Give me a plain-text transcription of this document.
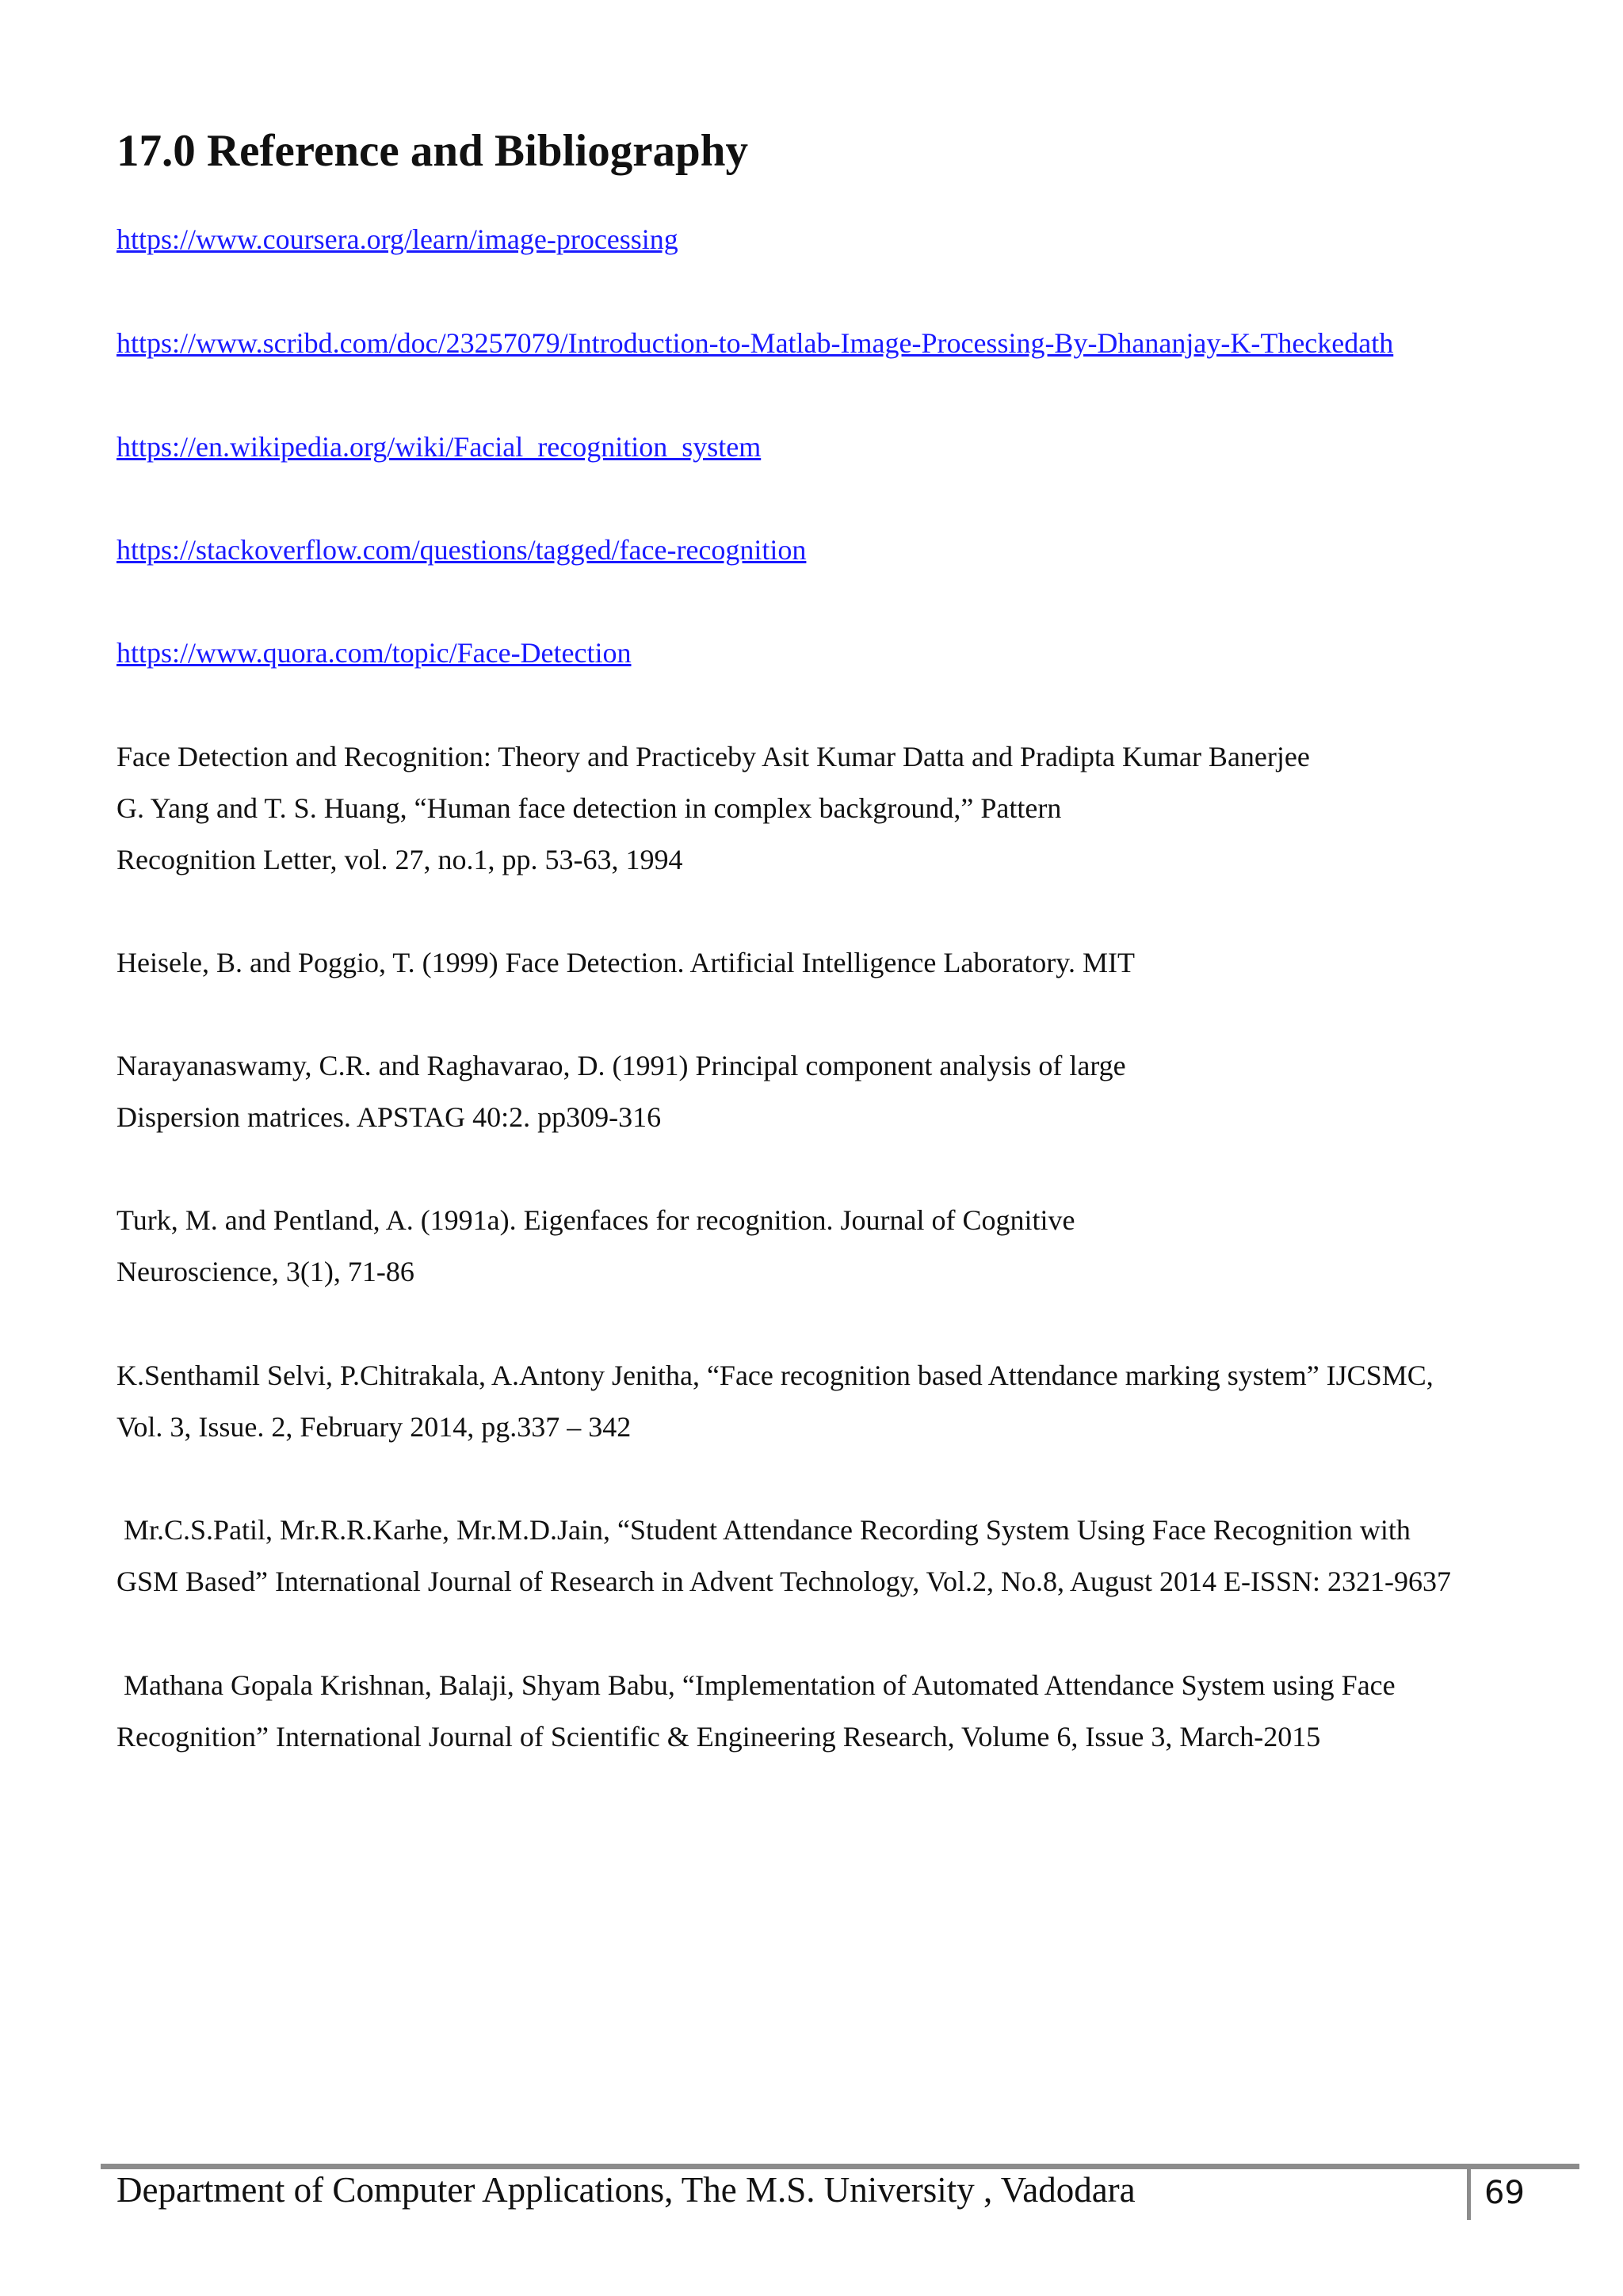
17.0 Reference and Bibliography
https://www.coursera.org/learn/image-processing
https://www.scribd.com/doc/23257079/Introduction-to-Matlab-Image-Processing-By-Dhananjay-K-Theckedath
https://en.wikipedia.org/wiki/Facial_recognition_system
https://stackoverflow.com/questions/tagged/face-recognition
https://www.quora.com/topic/Face-Detection
Face Detection and Recognition: Theory and Practiceby Asit Kumar Datta and Pradipta Kumar Banerjee
G. Yang and T. S. Huang, “Human face detection in complex background,” Pattern
Recognition Letter, vol. 27, no.1, pp. 53-63, 1994
Heisele, B. and Poggio, T. (1999) Face Detection. Artificial Intelligence Laboratory. MIT
Narayanaswamy, C.R. and Raghavarao, D. (1991) Principal component analysis of large
Dispersion matrices. APSTAG 40:2. pp309-316
Turk, M. and Pentland, A. (1991a). Eigenfaces for recognition. Journal of Cognitive
Neuroscience, 3(1), 71-86
K.Senthamil Selvi, P.Chitrakala, A.Antony Jenitha, “Face recognition based Attendance marking system” IJCSMC,
Vol. 3, Issue. 2, February 2014, pg.337 – 342
Mr.C.S.Patil, Mr.R.R.Karhe, Mr.M.D.Jain, “Student Attendance Recording System Using Face Recognition with
GSM Based” International Journal of Research in Advent Technology, Vol.2, No.8, August 2014 E-ISSN: 2321-9637
Mathana Gopala Krishnan, Balaji, Shyam Babu, “Implementation of Automated Attendance System using Face
Recognition” International Journal of Scientific & Engineering Research, Volume 6, Issue 3, March-2015
Department of Computer Applications, The M.S. University , Vadodara	69
